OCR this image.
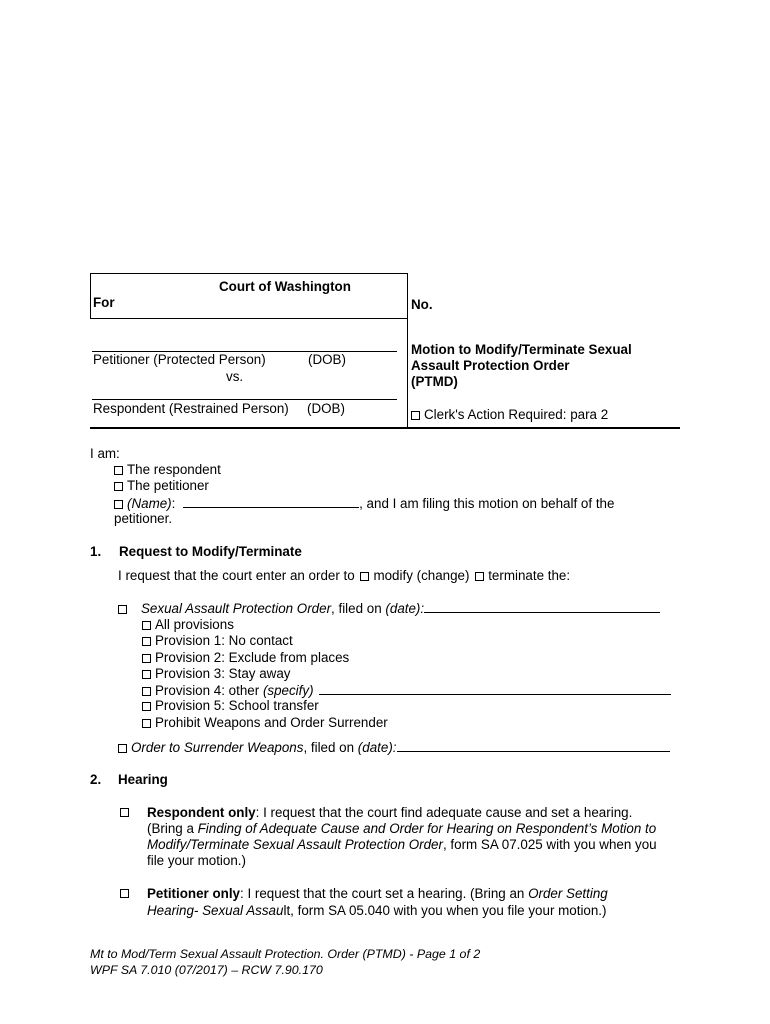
Court of Washington
For	No.
Petitioner (Protected Person)	(DOB)
vs.
Respondent (Restrained Person) (DOB)
Motion to Modify/Terminate Sexual
Assault Protection Order
(PTMD)
Clerk's Action Required: para 2
I am:
The respondent
The petitioner
(Name):	, and I am filing this motion on behalf of the
petitioner.
1. Request to Modify/Terminate
I request that the court enter an order to modify (change) terminate the:
Sexual Assault Protection Order, filed on (date):
All provisions
Provision 1: No contact
Provision 2: Exclude from places
Provision 3: Stay away
Provision 4: other (specify)
Provision 5: School transfer
Prohibit Weapons and Order Surrender
Order to Surrender Weapons, filed on (date):
2. Hearing
Respondent only: I request that the court find adequate cause and set a hearing.
(Bring a Finding of Adequate Cause and Order for Hearing on Respondent’s Motion to
Modify/Terminate Sexual Assault Protection Order, form SA 07.025 with you when you
file your motion.)
Petitioner only: I request that the court set a hearing. (Bring an Order Setting
Hearing- Sexual Assault, form SA 05.040 with you when you file your motion.)
Mt to Mod/Term Sexual Assault Protection. Order (PTMD) - Page 1 of 2
WPF SA 7.010 (07/2017) – RCW 7.90.170
